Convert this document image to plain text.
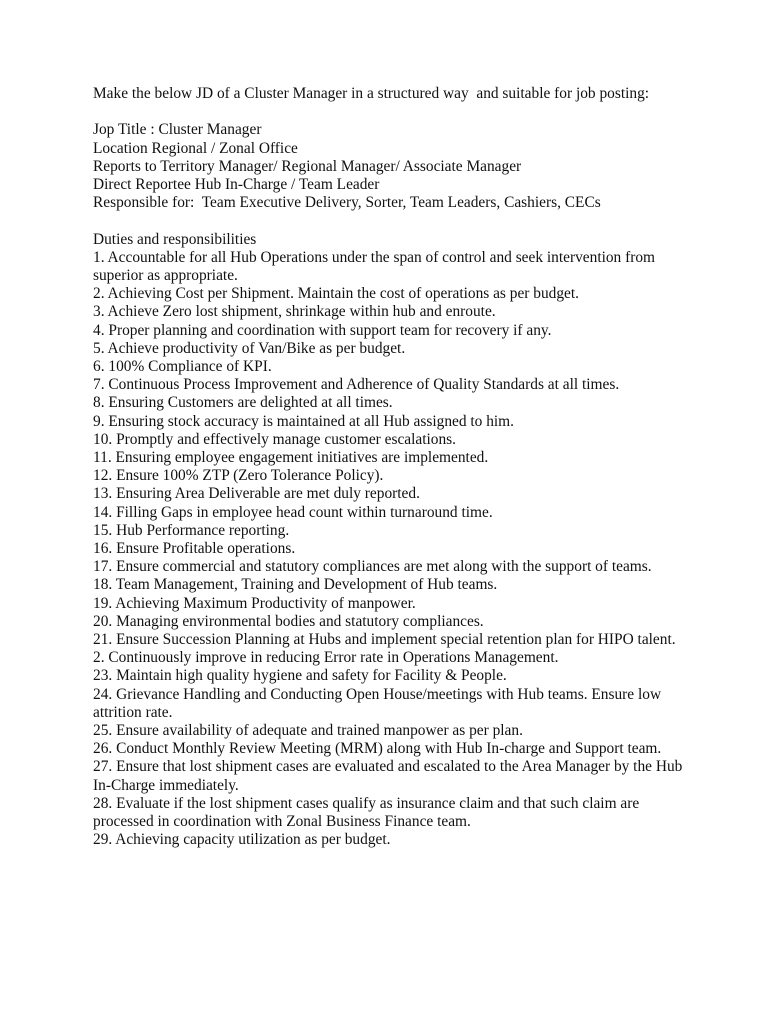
Make the below JD of a Cluster Manager in a structured way  and suitable for job posting:
Jop Title : Cluster Manager
Location Regional / Zonal Office
Reports to Territory Manager/ Regional Manager/ Associate Manager
Direct Reportee Hub In-Charge / Team Leader
Responsible for:  Team Executive Delivery, Sorter, Team Leaders, Cashiers, CECs
Duties and responsibilities
1. Accountable for all Hub Operations under the span of control and seek intervention from superior as appropriate.
2. Achieving Cost per Shipment. Maintain the cost of operations as per budget.
3. Achieve Zero lost shipment, shrinkage within hub and enroute.
4. Proper planning and coordination with support team for recovery if any.
5. Achieve productivity of Van/Bike as per budget.
6. 100% Compliance of KPI.
7. Continuous Process Improvement and Adherence of Quality Standards at all times.
8. Ensuring Customers are delighted at all times.
9. Ensuring stock accuracy is maintained at all Hub assigned to him.
10. Promptly and effectively manage customer escalations.
11. Ensuring employee engagement initiatives are implemented.
12. Ensure 100% ZTP (Zero Tolerance Policy).
13. Ensuring Area Deliverable are met duly reported.
14. Filling Gaps in employee head count within turnaround time.
15. Hub Performance reporting.
16. Ensure Profitable operations.
17. Ensure commercial and statutory compliances are met along with the support of teams.
18. Team Management, Training and Development of Hub teams.
19. Achieving Maximum Productivity of manpower.
20. Managing environmental bodies and statutory compliances.
21. Ensure Succession Planning at Hubs and implement special retention plan for HIPO talent.
2. Continuously improve in reducing Error rate in Operations Management.
23. Maintain high quality hygiene and safety for Facility & People.
24. Grievance Handling and Conducting Open House/meetings with Hub teams. Ensure low attrition rate.
25. Ensure availability of adequate and trained manpower as per plan.
26. Conduct Monthly Review Meeting (MRM) along with Hub In-charge and Support team.
27. Ensure that lost shipment cases are evaluated and escalated to the Area Manager by the Hub In-Charge immediately.
28. Evaluate if the lost shipment cases qualify as insurance claim and that such claim are processed in coordination with Zonal Business Finance team.
29. Achieving capacity utilization as per budget.
